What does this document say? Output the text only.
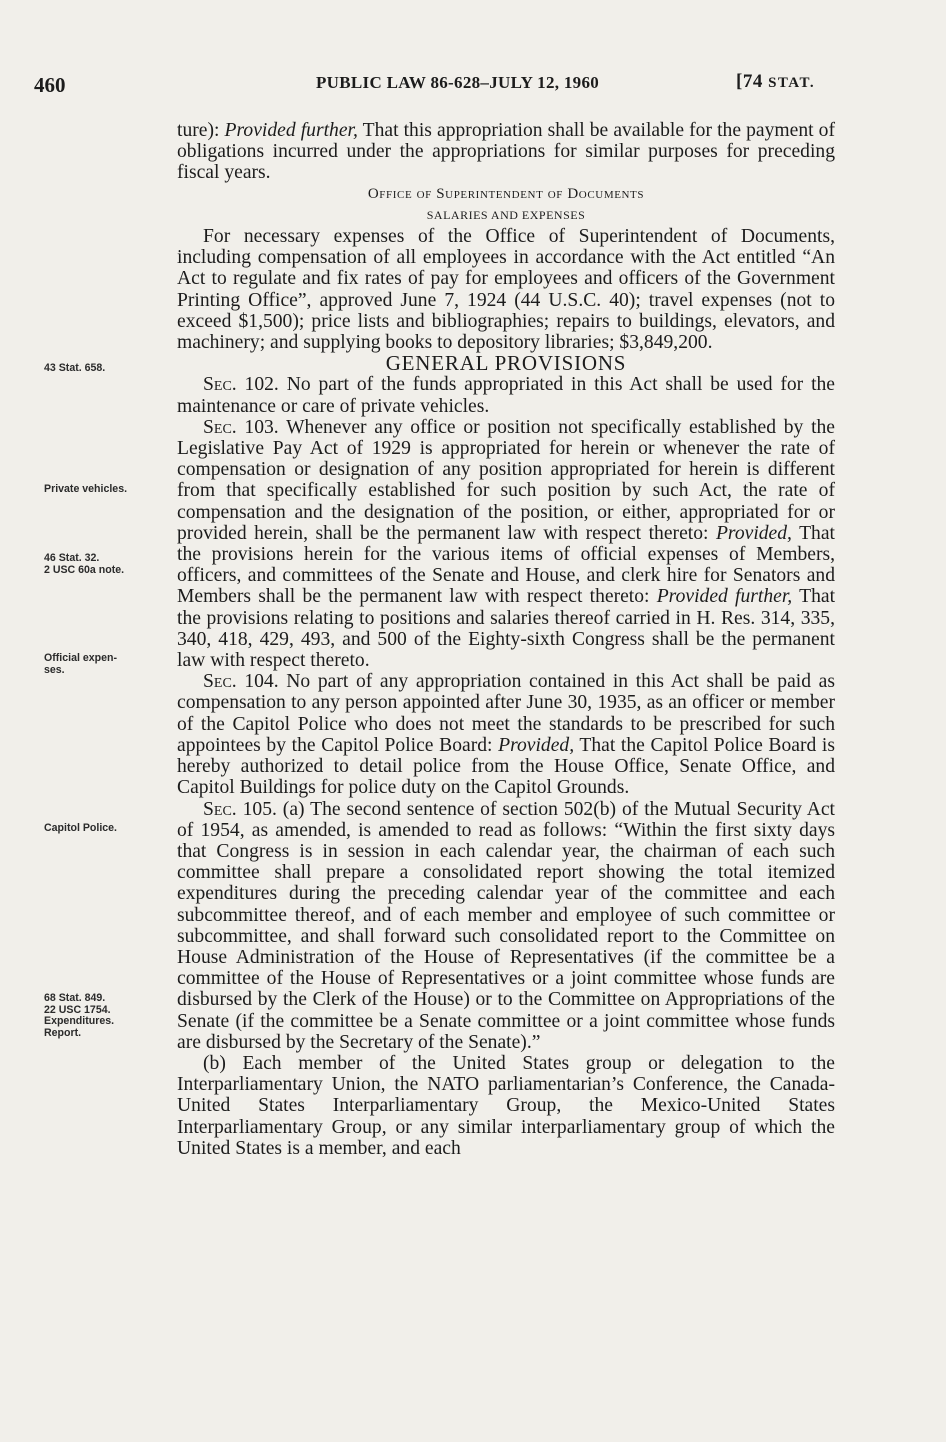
460	PUBLIC LAW 86-628–JULY 12, 1960	[74 STAT.
43 Stat. 658.
Private vehicles.
46 Stat. 32.
2 USC 60a note.
Official expen-
ses.
Capitol Police.
68 Stat. 849.
22 USC 1754.
Expenditures.
Report.

ture): Provided further, That this appropriation shall be available for the payment of obligations incurred under the appropriations for similar purposes for preceding fiscal years.

Office of Superintendent of Documents

SALARIES AND EXPENSES

For necessary expenses of the Office of Superintendent of Documents, including compensation of all employees in accordance with the Act entitled “An Act to regulate and fix rates of pay for employees and officers of the Government Printing Office”, approved June 7, 1924 (44 U.S.C. 40); travel expenses (not to exceed $1,500); price lists and bibliographies; repairs to buildings, elevators, and machinery; and supplying books to depository libraries; $3,849,200.

GENERAL PROVISIONS

Sec. 102. No part of the funds appropriated in this Act shall be used for the maintenance or care of private vehicles.

Sec. 103. Whenever any office or position not specifically established by the Legislative Pay Act of 1929 is appropriated for herein or whenever the rate of compensation or designation of any position appropriated for herein is different from that specifically established for such position by such Act, the rate of compensation and the designation of the position, or either, appropriated for or provided herein, shall be the permanent law with respect thereto: Provided, That the provisions herein for the various items of official expenses of Members, officers, and committees of the Senate and House, and clerk hire for Senators and Members shall be the permanent law with respect thereto: Provided further, That the provisions relating to positions and salaries thereof carried in H. Res. 314, 335, 340, 418, 429, 493, and 500 of the Eighty-sixth Congress shall be the permanent law with respect thereto.

Sec. 104. No part of any appropriation contained in this Act shall be paid as compensation to any person appointed after June 30, 1935, as an officer or member of the Capitol Police who does not meet the standards to be prescribed for such appointees by the Capitol Police Board: Provided, That the Capitol Police Board is hereby authorized to detail police from the House Office, Senate Office, and Capitol Buildings for police duty on the Capitol Grounds.

Sec. 105. (a) The second sentence of section 502(b) of the Mutual Security Act of 1954, as amended, is amended to read as follows: “Within the first sixty days that Congress is in session in each calendar year, the chairman of each such committee shall prepare a consolidated report showing the total itemized expenditures during the preceding calendar year of the committee and each subcommittee thereof, and of each member and employee of such committee or subcommittee, and shall forward such consolidated report to the Committee on House Administration of the House of Representatives (if the committee be a committee of the House of Representatives or a joint committee whose funds are disbursed by the Clerk of the House) or to the Committee on Appropriations of the Senate (if the committee be a Senate committee or a joint committee whose funds are disbursed by the Secretary of the Senate).”

(b) Each member of the United States group or delegation to the Interparliamentary Union, the NATO parliamentarian’s Conference, the Canada-United States Interparliamentary Group, the Mexico-United States Interparliamentary Group, or any similar interparliamentary group of which the United States is a member, and each
